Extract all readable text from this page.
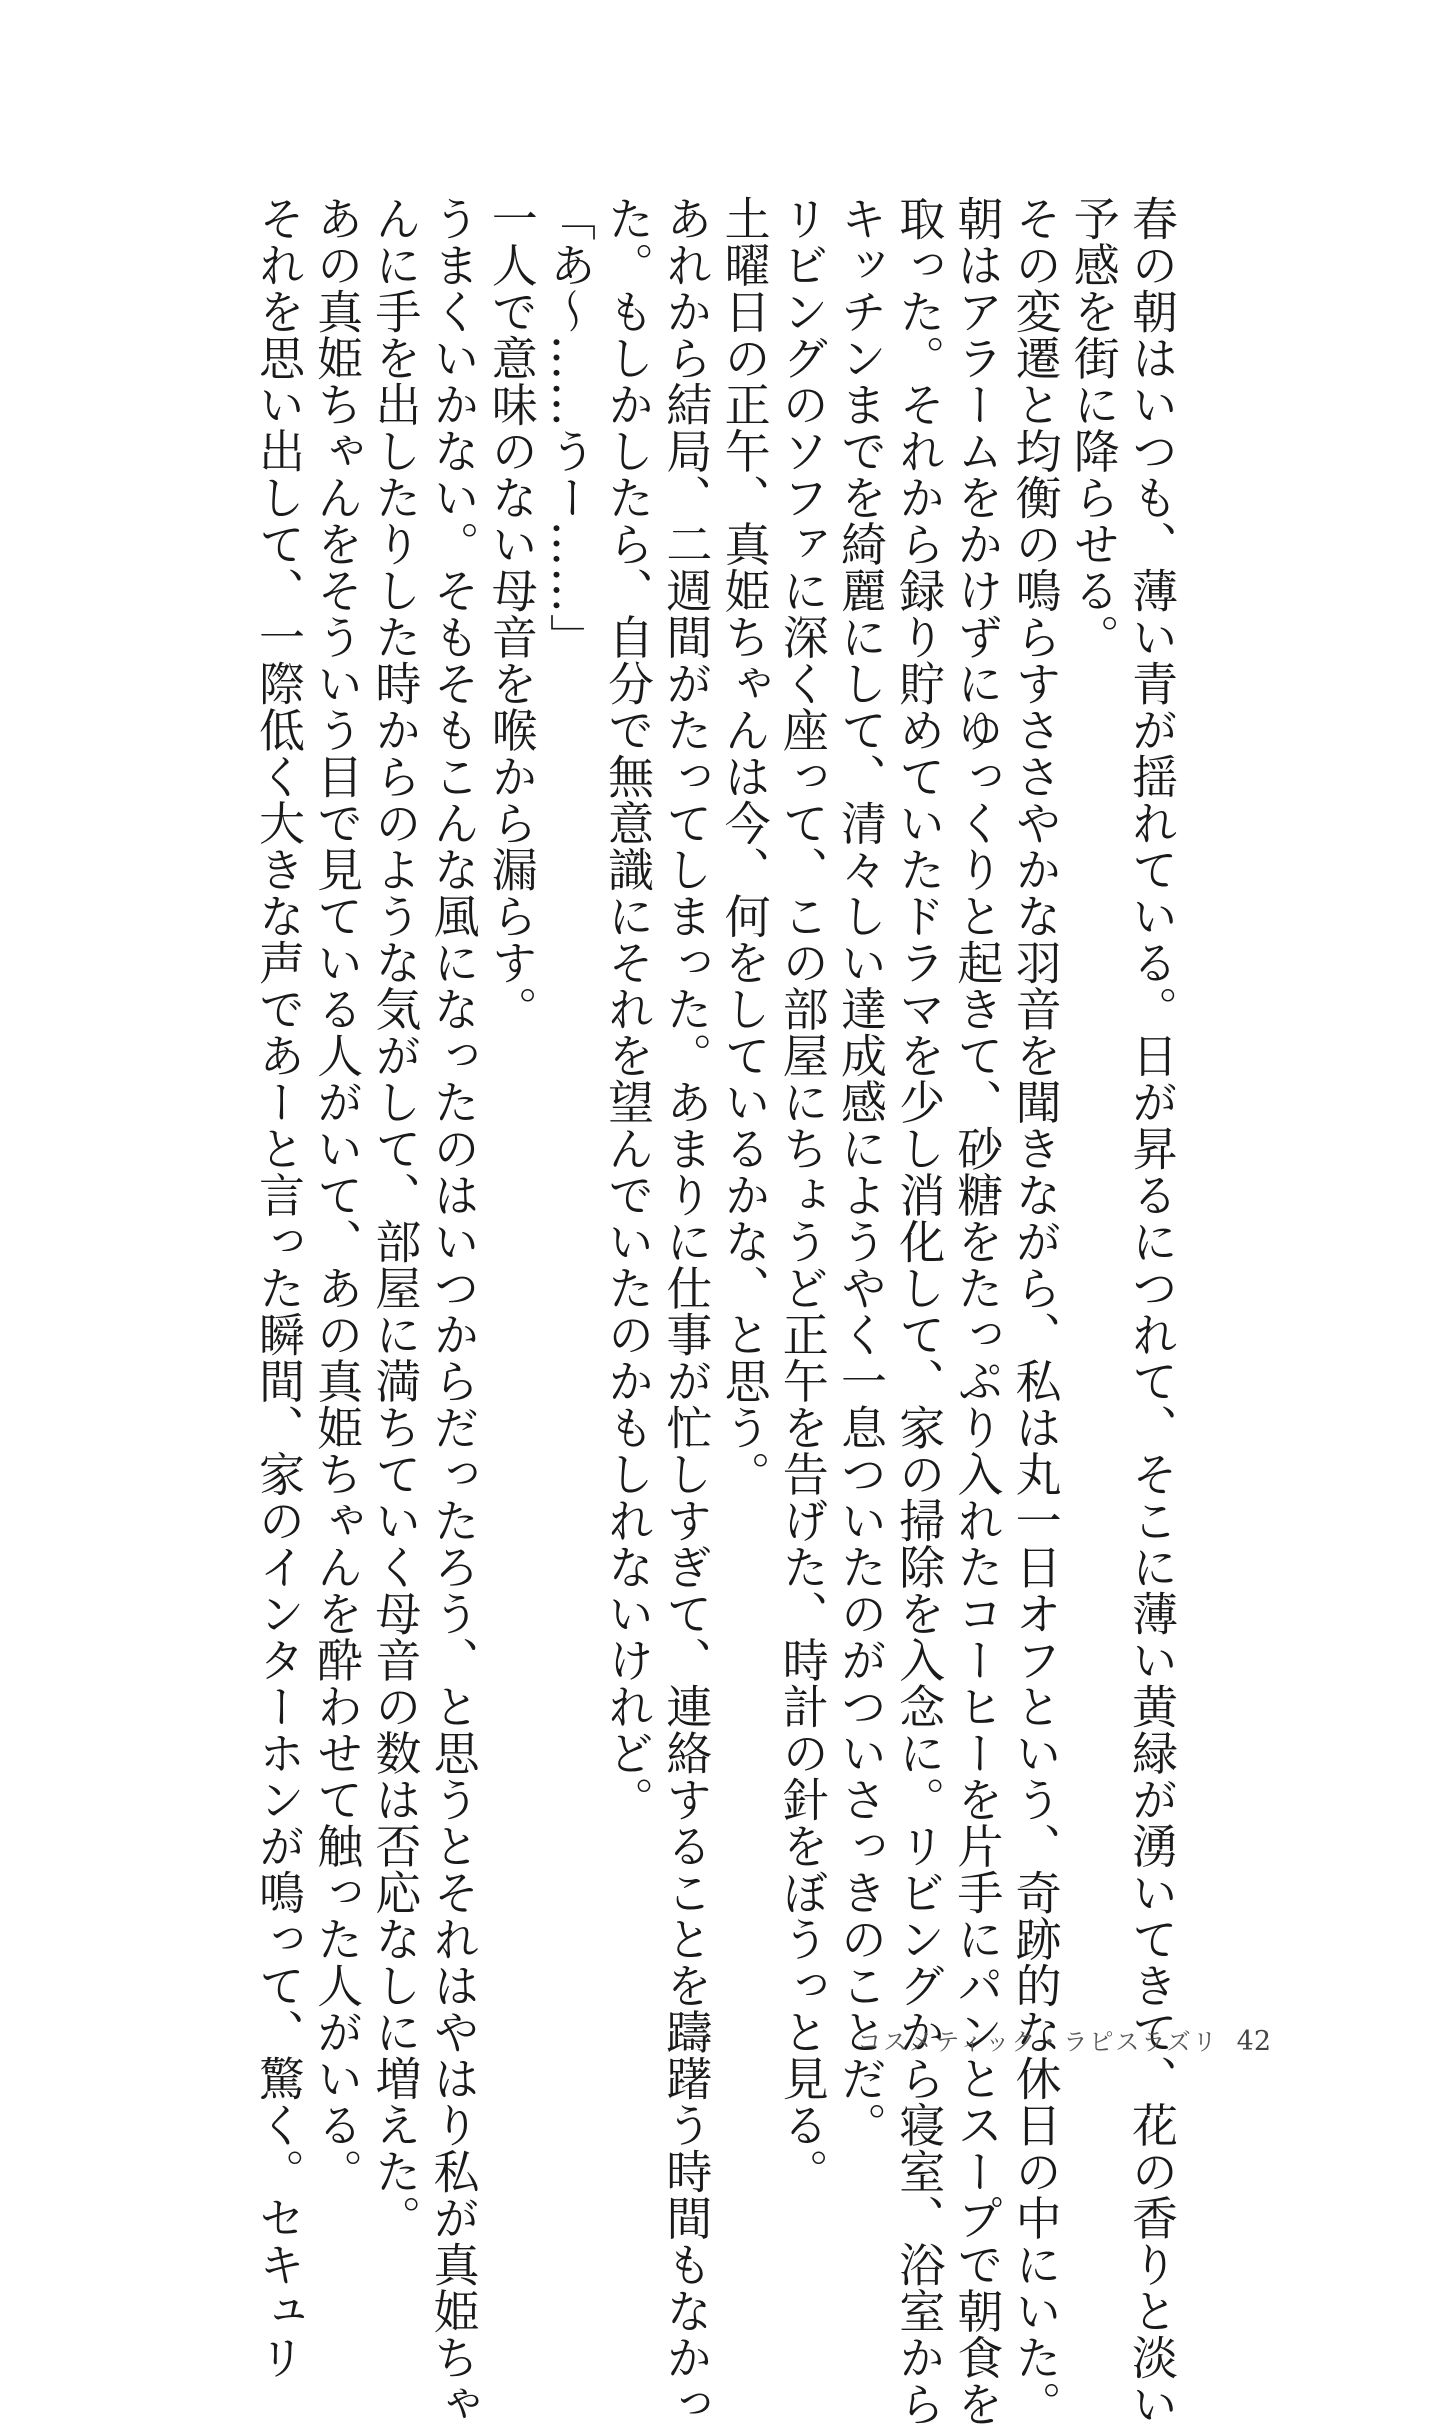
春の朝はいつも、薄い青が揺れている。日が昇るにつれて、そこに薄い黄緑が湧いてきて、花の香りと淡い

予感を街に降らせる。

その変遷と均衡の鳴らすささやかな羽音を聞きながら、私は丸一日オフという、奇跡的な休日の中にいた。

朝はアラームをかけずにゆっくりと起きて、砂糖をたっぷり入れたコーヒーを片手にパンとスープで朝食を

取った。それから録り貯めていたドラマを少し消化して、家の掃除を入念に。リビングから寝室、浴室から

キッチンまでを綺麗にして、清々しい達成感にようやく一息ついたのがついさっきのことだ。

リビングのソファに深く座って、この部屋にちょうど正午を告げた、時計の針をぼうっと見る。

土曜日の正午、真姫ちゃんは今、何をしているかな、と思う。

あれから結局、二週間がたってしまった。あまりに仕事が忙しすぎて、連絡することを躊躇う時間もなかっ

た。もしかしたら、自分で無意識にそれを望んでいたのかもしれないけれど。

「あ〜……うー……」

一人で意味のない母音を喉から漏らす。

うまくいかない。そもそもこんな風になったのはいつからだったろう、と思うとそれはやはり私が真姫ちゃ

んに手を出したりした時からのような気がして、部屋に満ちていく母音の数は否応なしに増えた。

あの真姫ちゃんをそういう目で見ている人がいて、あの真姫ちゃんを酔わせて触った人がいる。

それを思い出して、一際低く大きな声であーと言った瞬間、家のインターホンが鳴って、驚く。セキュリ	コスメティック・ラピスラズリ 42
